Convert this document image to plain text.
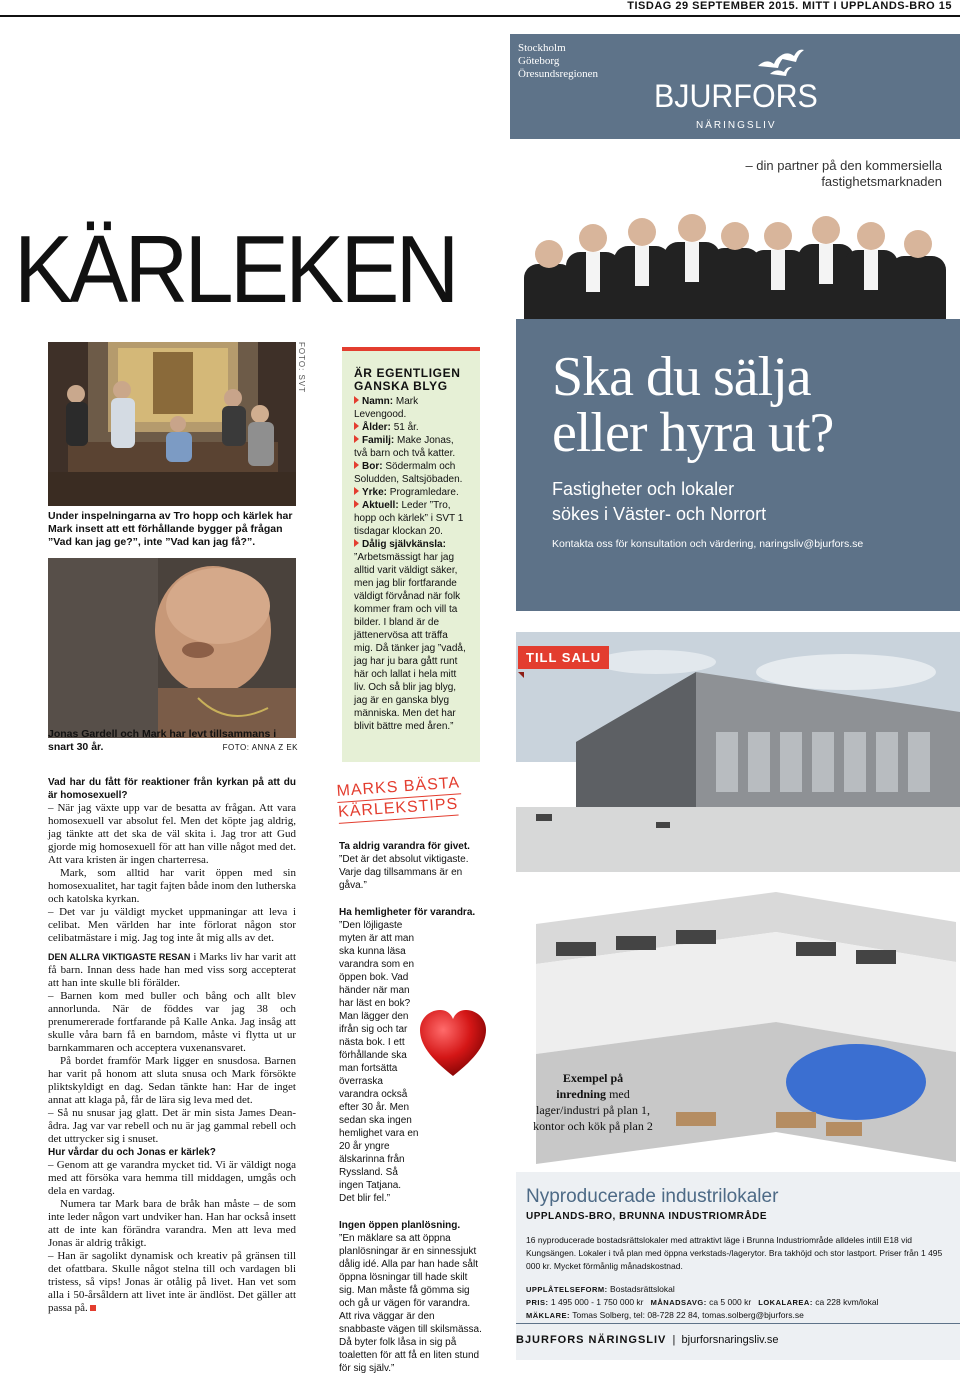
TISDAG 29 SEPTEMBER 2015. MITT I UPPLANDS-BRO 15
KÄRLEKEN
FOTO: SVT
Under inspelningarna av Tro hopp och kärlek har Mark insett att ett förhållande bygger på frågan ”Vad kan jag ge?”, inte ”Vad kan jag få?”.
Jonas Gardell och Mark har levt tillsammans i snart 30 år.	FOTO: ANNA Z EK
ÄR EGENTLIGEN GANSKA BLYG

Namn: Mark Levengood.

Ålder: 51 år.

Familj: Make Jonas, två barn och två katter.

Bor: Södermalm och Soludden, Saltsjöbaden.

Yrke: Programledare.

Aktuell: Leder ”Tro, hopp och kärlek” i SVT 1 tisdagar klockan 20.

Dålig självkänsla: ”Arbetsmässigt har jag alltid varit väldigt säker, men jag blir fortfarande väldigt förvånad när folk kommer fram och vill ta bilder. I bland är de jättenervösa att träffa mig. Då tänker jag ”vadå, jag har ju bara gått runt här och lallat i hela mitt liv. Och så blir jag blyg, jag är en ganska blyg människa. Men det har blivit bättre med åren.”

Vad har du fått för reaktioner från kyrkan på att du är homosexuell?

– När jag växte upp var de besatta av frågan. Att vara homosexuell var absolut fel. Men det köpte jag aldrig, jag tänkte att det ska de väl skita i. Jag tror att Gud gjorde mig homosexuell för att han ville något med det. Att vara kristen är ingen charterresa.

Mark, som alltid har varit öppen med sin homosexualitet, har tagit fajten både inom den lutherska och katolska kyrkan.

– Det var ju väldigt mycket uppmaningar att leva i celibat. Men världen har inte förlorat någon stor celibatmästare i mig. Jag tog inte åt mig alls av det.

DEN ALLRA VIKTIGASTE RESAN i Marks liv har varit att få barn. Innan dess hade han med viss sorg accepterat att han inte skulle bli förälder.

– Barnen kom med buller och bång och allt blev annorlunda. När de föddes var jag 38 och prenumererade fortfarande på Kalle Anka. Jag insåg att skulle våra barn få en barndom, måste vi flytta ut ur barnkammaren och acceptera vuxenansvaret.

På bordet framför Mark ligger en snusdosa. Barnen har varit på honom att sluta snusa och Mark försökte pliktskyldigt en dag. Sedan tänkte han: Har de inget annat att klaga på, får de lära sig leva med det.

– Så nu snusar jag glatt. Det är min sista James Dean-ådra. Jag var var rebell och nu är jag gammal rebell och det uttrycker sig i snuset.

Hur vårdar du och Jonas er kärlek?

– Genom att ge varandra mycket tid. Vi är väldigt noga med att försöka vara hemma till middagen, umgås och dela en vardag.

Numera tar Mark bara de bråk han måste – de som inte leder någon vart undviker han. Han har också insett att de inte kan förändra varandra. Men att leva med Jonas är aldrig tråkigt.

– Han är sagolikt dynamisk och kreativ på gränsen till det ofattbara. Skulle något stelna till och vardagen bli tristess, så vips! Jonas är otålig på livet. Han vet som alla i 50-årsåldern att livet inte är ändlöst. Det gäller att passa på.

MARKS BÄSTA
KÄRLEKSTIPS

Ta aldrig varandra för givet.

”Det är det absolut viktigaste. Varje dag tillsammans är en gåva.”

Ha hemligheter för varandra.

”Den löjligaste myten är att man ska kunna läsa varandra som en öppen bok. Vad händer när man har läst en bok? Man lägger den ifrån sig och tar nästa bok. I ett förhållande ska man fortsätta överraska varandra också efter 30 år. Men sedan ska ingen hemlighet vara en 20 år yngre älskarinna från Ryssland. Så ingen Tatjana. Det blir fel.”

Ingen öppen planlösning.

”En mäklare sa att öppna planlösningar är en sinnessjukt dålig idé. Alla par han hade sålt öppna lösningar till hade skilt sig. Man måste få gömma sig och gå ur vägen för varandra. Att riva väggar är den snabbaste vägen till skilsmässa. Då byter folk låsa in sig på toaletten för att få en liten stund för sig själv.”

Stockholm
Göteborg
Öresundsregionen
BJURFORS
NÄRINGSLIV
– din partner på den kommersiella
fastighetsmarknaden
Ska du sälja
eller hyra ut?
Fastigheter och lokaler
sökes i Väster- och Norrort
Kontakta oss för konsultation och värdering, naringsliv@bjurfors.se
TILL SALU
Exempel på
inredning med lager/industri på plan 1, kontor och kök på plan 2
Nyproducerade industrilokaler
UPPLANDS-BRO, BRUNNA INDUSTRIOMRÅDE
16 nyproducerade bostadsrättslokaler med attraktivt läge i Brunna Industriområde alldeles intill E18 vid Kungsängen. Lokaler i två plan med öppna verkstads-/lagerytor. Bra takhöjd och stor lastport. Priser från 1 495 000 kr. Mycket förmånlig månadskostnad.
UPPLÅTELSEFORM: Bostadsrättslokal
PRIS: 1 495 000 - 1 750 000 kr MÅNADSAVG: ca 5 000 kr LOKALAREA: ca 228 kvm/lokal
MÄKLARE: Tomas Solberg, tel: 08-728 22 84, tomas.solberg@bjurfors.se
BJURFORS NÄRINGSLIV | bjurforsnaringsliv.se
